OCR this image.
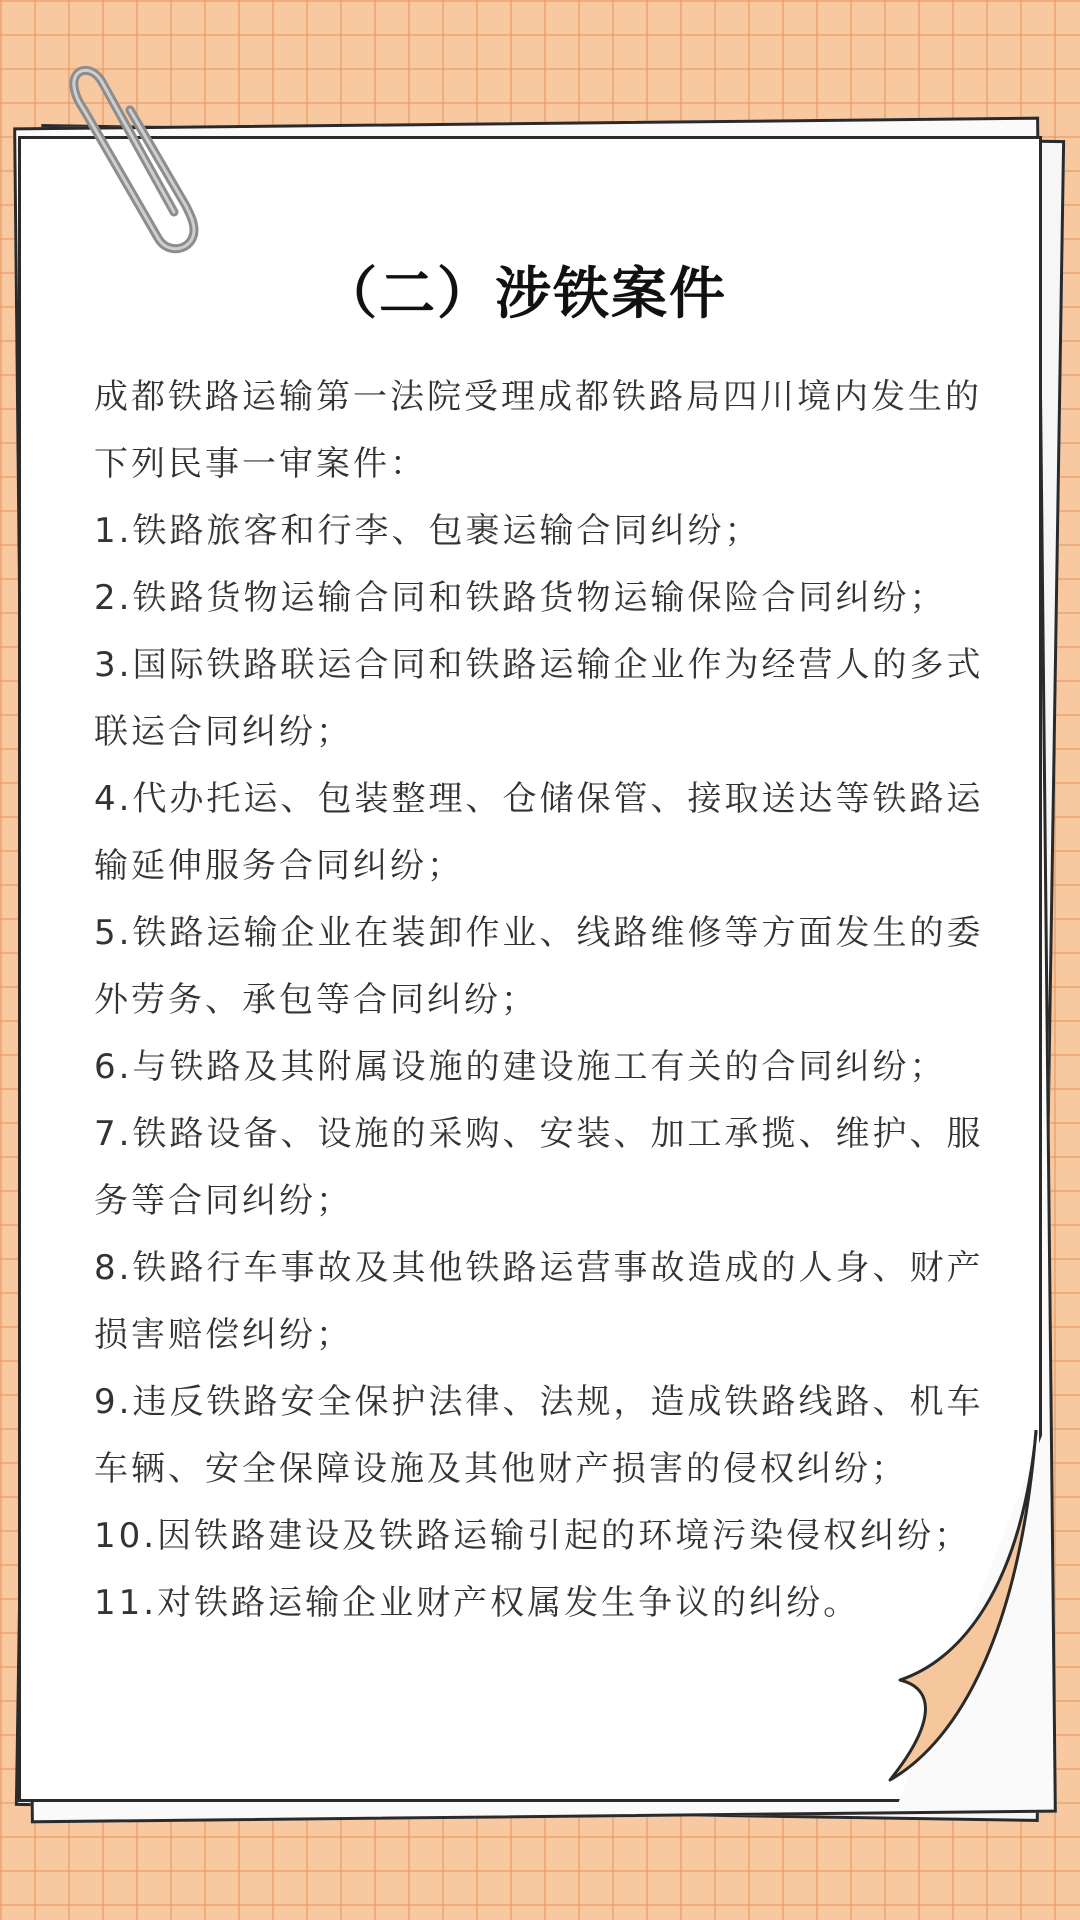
（二）涉铁案件

成都铁路运输第一法院受理成都铁路局四川境内发生的下列民事一审案件：

1.铁路旅客和行李、包裹运输合同纠纷；

2.铁路货物运输合同和铁路货物运输保险合同纠纷；

3.国际铁路联运合同和铁路运输企业作为经营人的多式联运合同纠纷；

4.代办托运、包装整理、仓储保管、接取送达等铁路运输延伸服务合同纠纷；

5.铁路运输企业在装卸作业、线路维修等方面发生的委外劳务、承包等合同纠纷；

6.与铁路及其附属设施的建设施工有关的合同纠纷；

7.铁路设备、设施的采购、安装、加工承揽、维护、服务等合同纠纷；

8.铁路行车事故及其他铁路运营事故造成的人身、财产损害赔偿纠纷；

9.违反铁路安全保护法律、法规，造成铁路线路、机车车辆、安全保障设施及其他财产损害的侵权纠纷；

10.因铁路建设及铁路运输引起的环境污染侵权纠纷；

11.对铁路运输企业财产权属发生争议的纠纷。
